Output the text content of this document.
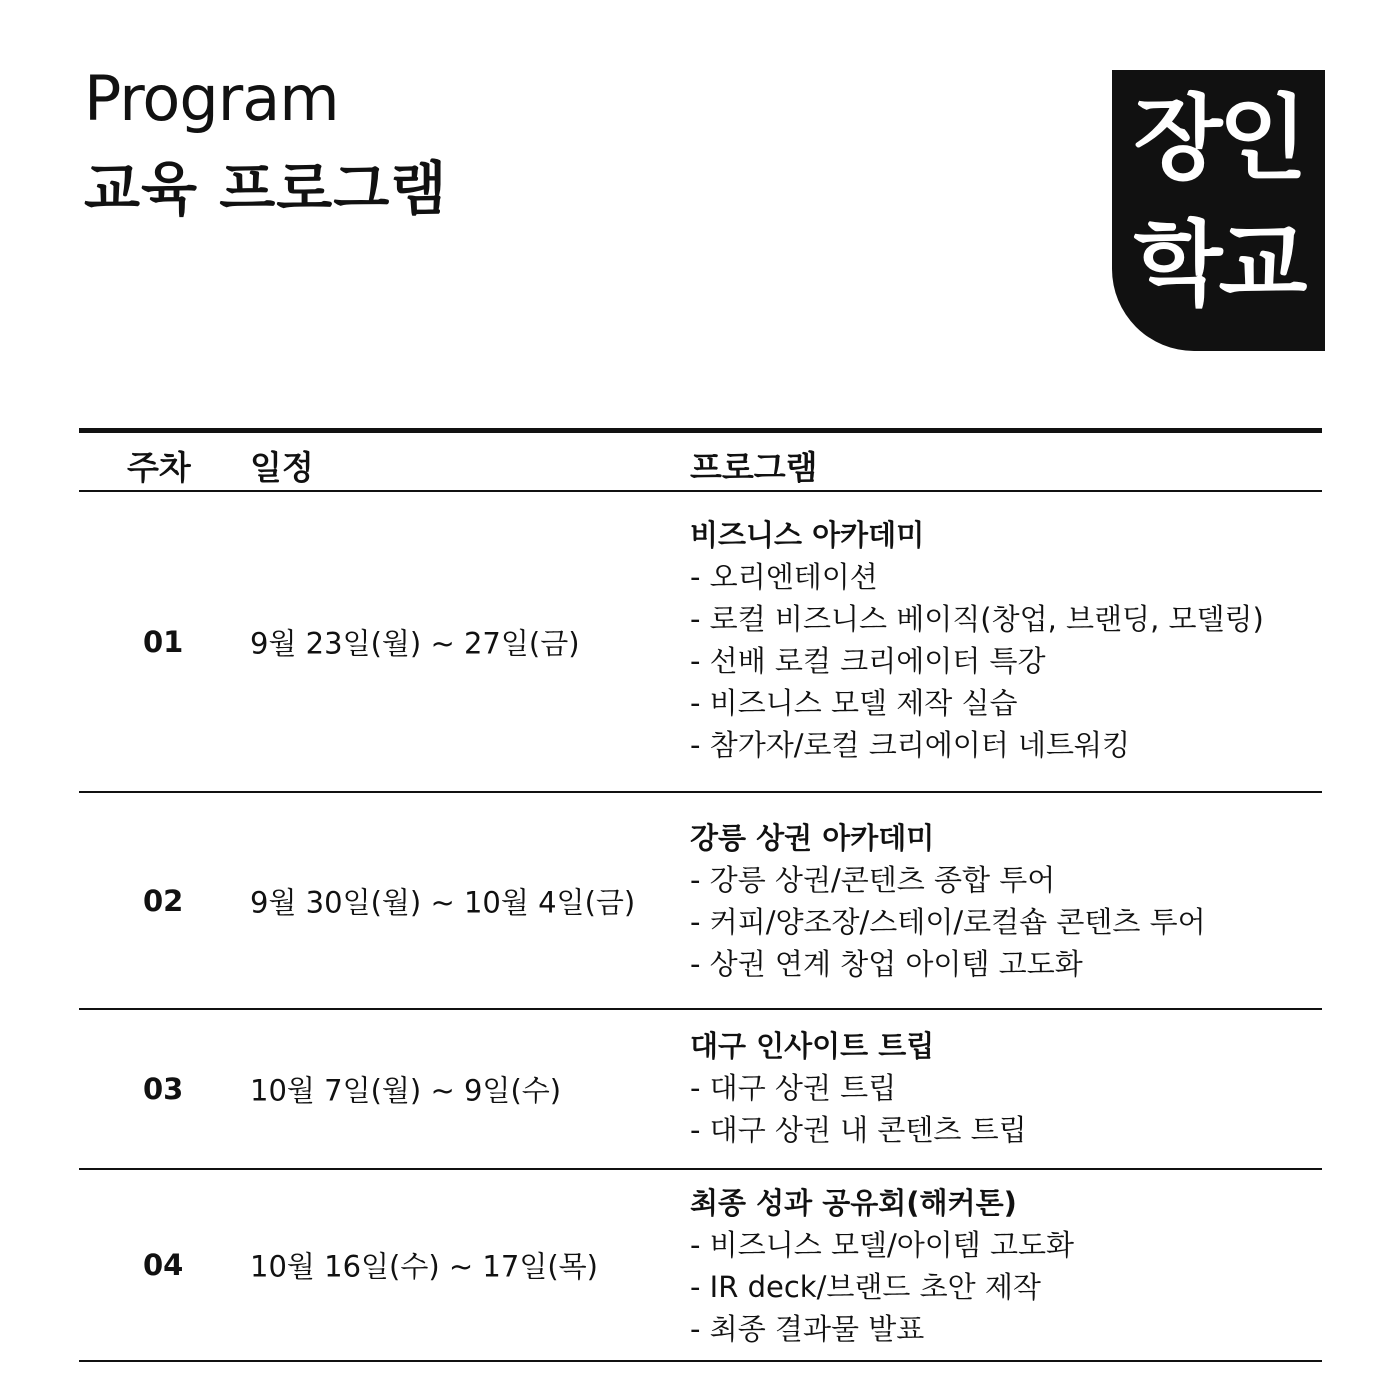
Program
교육 프로그램	장인
학교
주차 일정	프로그램
01 9월 23일(월) ~ 27일(금)
비즈니스 아카데미
- 오리엔테이션
- 로컬 비즈니스 베이직(창업, 브랜딩, 모델링)
- 선배 로컬 크리에이터 특강
- 비즈니스 모델 제작 실습
- 참가자/로컬 크리에이터 네트워킹
02 9월 30일(월) ~ 10월 4일(금)
강릉 상권 아카데미
- 강릉 상권/콘텐츠 종합 투어
- 커피/양조장/스테이/로컬숍 콘텐츠 투어
- 상권 연계 창업 아이템 고도화
03 10월 7일(월) ~ 9일(수)
대구 인사이트 트립
- 대구 상권 트립
- 대구 상권 내 콘텐츠 트립
04 10월 16일(수) ~ 17일(목)
최종 성과 공유회(해커톤)
- 비즈니스 모델/아이템 고도화
- IR deck/브랜드 초안 제작
- 최종 결과물 발표
